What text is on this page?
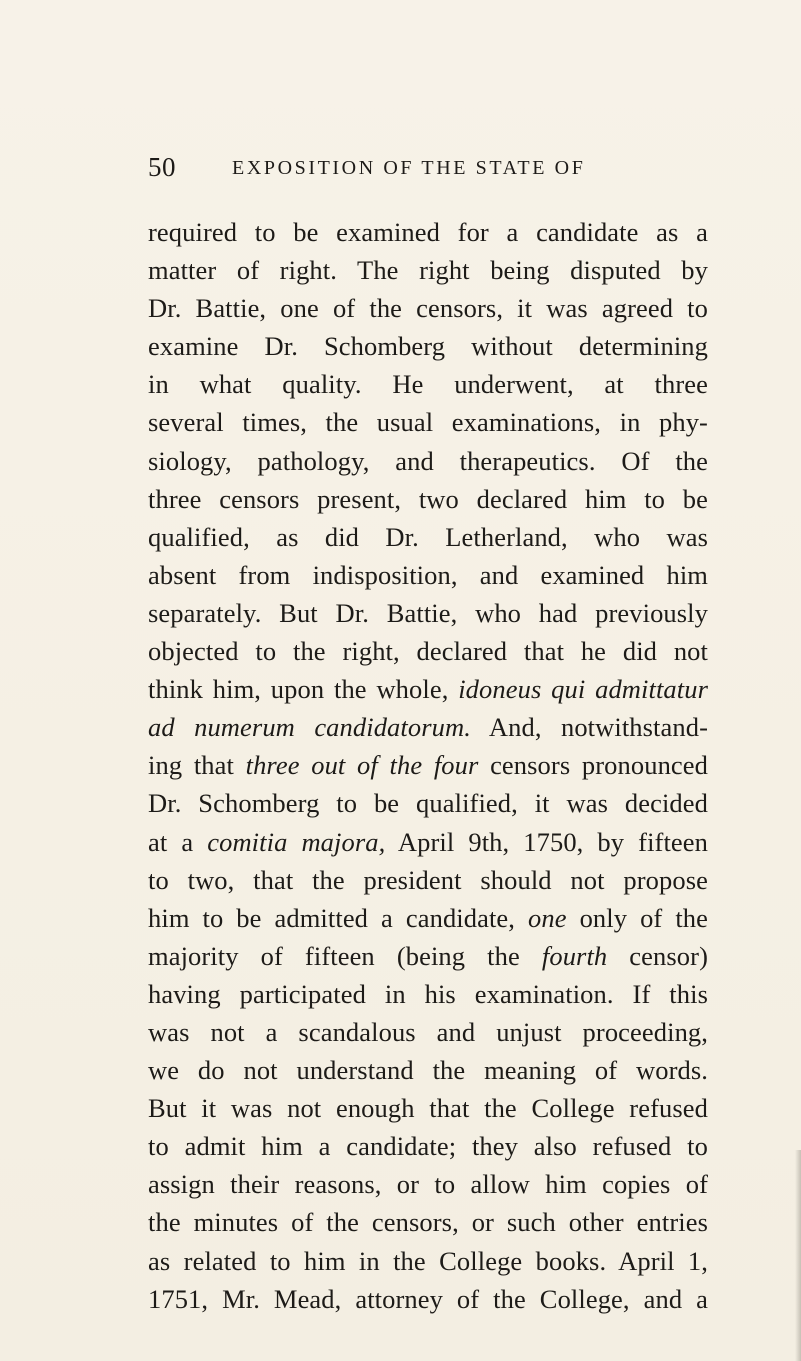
50	EXPOSITION OF THE STATE OF
required to be examined for a candidate as a
matter of right. The right being disputed by
Dr. Battie, one of the censors, it was agreed to
examine Dr. Schomberg without determining
in what quality. He underwent, at three
several times, the usual examinations, in phy-
siology, pathology, and therapeutics. Of the
three censors present, two declared him to be
qualified, as did Dr. Letherland, who was
absent from indisposition, and examined him
separately. But Dr. Battie, who had previously
objected to the right, declared that he did not
think him, upon the whole, idoneus qui admittatur
ad numerum candidatorum. And, notwithstand-
ing that three out of the four censors pronounced
Dr. Schomberg to be qualified, it was decided
at a comitia majora, April 9th, 1750, by fifteen
to two, that the president should not propose
him to be admitted a candidate, one only of the
majority of fifteen (being the fourth censor)
having participated in his examination. If this
was not a scandalous and unjust proceeding,
we do not understand the meaning of words.
But it was not enough that the College refused
to admit him a candidate; they also refused to
assign their reasons, or to allow him copies of
the minutes of the censors, or such other entries
as related to him in the College books. April 1,
1751, Mr. Mead, attorney of the College, and a
